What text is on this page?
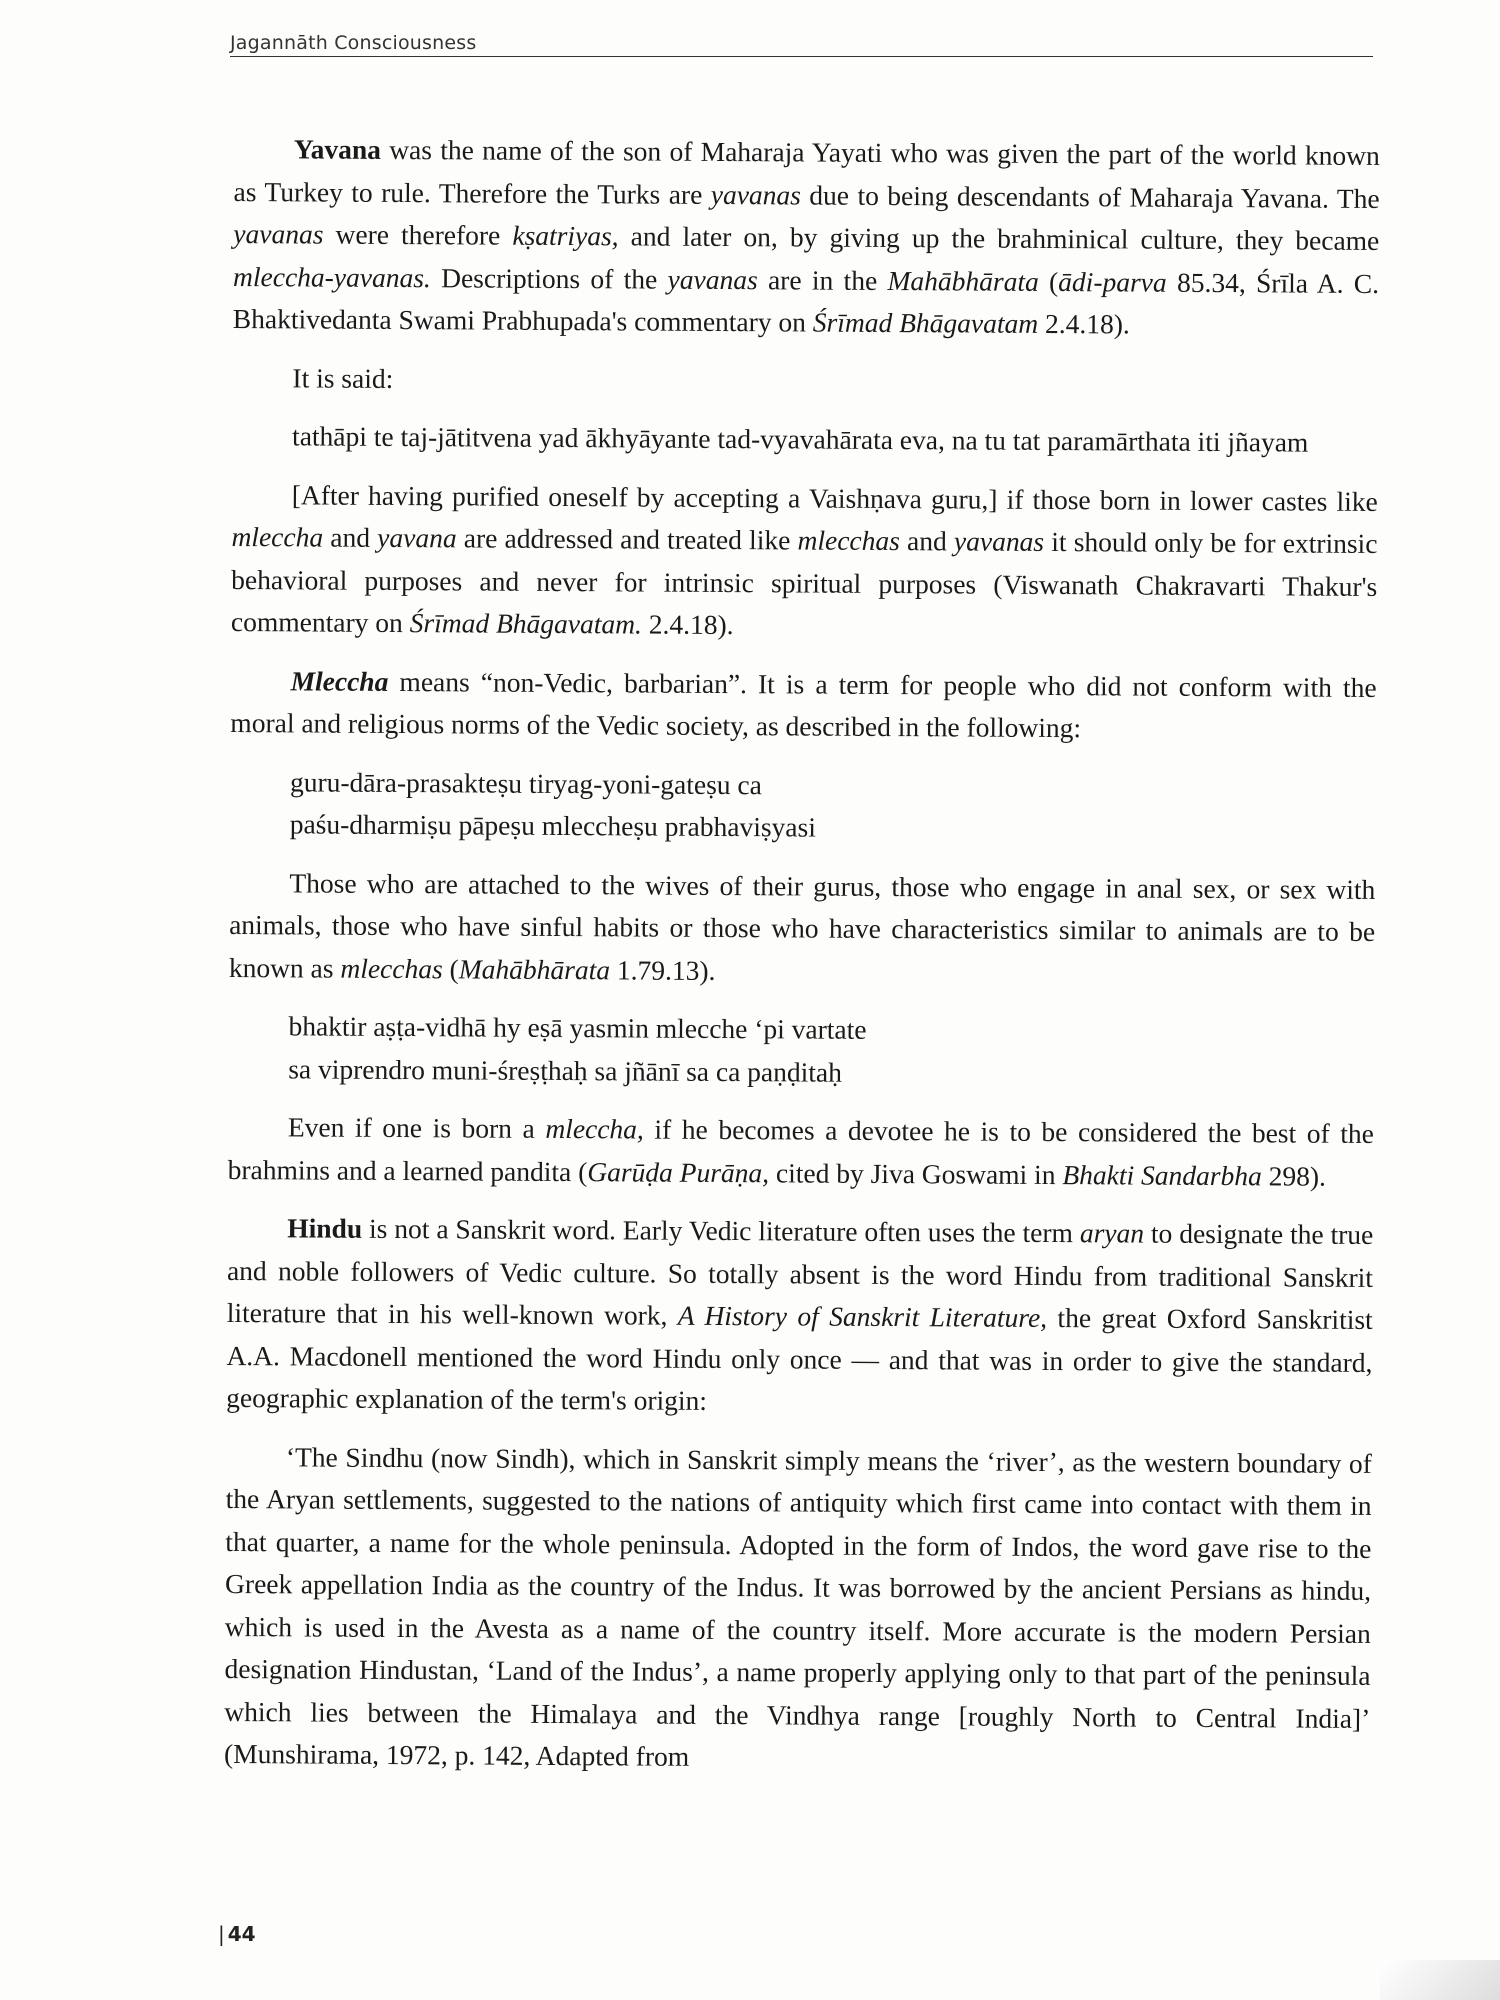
Jagannāth Consciousness

Yavana was the name of the son of Maharaja Yayati who was given the part of the world known as Turkey to rule. Therefore the Turks are yavanas due to being descendants of Maharaja Yavana. The yavanas were therefore kṣatriyas, and later on, by giving up the brahminical culture, they became mleccha-yavanas. Descriptions of the yavanas are in the Mahābhārata (ādi-parva 85.34, Śrīla A. C. Bhaktivedanta Swami Prabhupada's commentary on Śrīmad Bhāgavatam 2.4.18).

It is said:

tathāpi te taj-jātitvena yad ākhyāyante tad-vyavahārata eva, na tu tat paramārthata iti jñayam

[After having purified oneself by accepting a Vaishṇava guru,] if those born in lower castes like mleccha and yavana are addressed and treated like mlecchas and yavanas it should only be for extrinsic behavioral purposes and never for intrinsic spiritual purposes (Viswanath Chakravarti Thakur's commentary on Śrīmad Bhāgavatam. 2.4.18).

Mleccha means “non-Vedic, barbarian”. It is a term for people who did not conform with the moral and religious norms of the Vedic society, as described in the following:

guru-dāra-prasakteṣu tiryag-yoni-gateṣu ca
paśu-dharmiṣu pāpeṣu mleccheṣu prabhaviṣyasi

Those who are attached to the wives of their gurus, those who engage in anal sex, or sex with animals, those who have sinful habits or those who have characteristics similar to animals are to be known as mlecchas (Mahābhārata 1.79.13).

bhaktir aṣṭa-vidhā hy eṣā yasmin mlecche ‘pi vartate
sa viprendro muni-śreṣṭhaḥ sa jñānī sa ca paṇḍitaḥ

Even if one is born a mleccha, if he becomes a devotee he is to be considered the best of the brahmins and a learned pandita (Garūḍa Purāṇa, cited by Jiva Goswami in Bhakti Sandarbha 298).

Hindu is not a Sanskrit word. Early Vedic literature often uses the term aryan to designate the true and noble followers of Vedic culture. So totally absent is the word Hindu from traditional Sanskrit literature that in his well-known work, A History of Sanskrit Literature, the great Oxford Sanskritist A.A. Macdonell mentioned the word Hindu only once — and that was in order to give the standard, geographic explanation of the term's origin:

‘The Sindhu (now Sindh), which in Sanskrit simply means the ‘river’, as the western boundary of the Aryan settlements, suggested to the nations of antiquity which first came into contact with them in that quarter, a name for the whole peninsula. Adopted in the form of Indos, the word gave rise to the Greek appellation India as the country of the Indus. It was borrowed by the ancient Persians as hindu, which is used in the Avesta as a name of the country itself. More accurate is the modern Persian designation Hindustan, ‘Land of the Indus’, a name properly applying only to that part of the peninsula which lies between the Himalaya and the Vindhya range [roughly North to Central India]’ (Munshirama, 1972, p. 142, Adapted from

| 44
